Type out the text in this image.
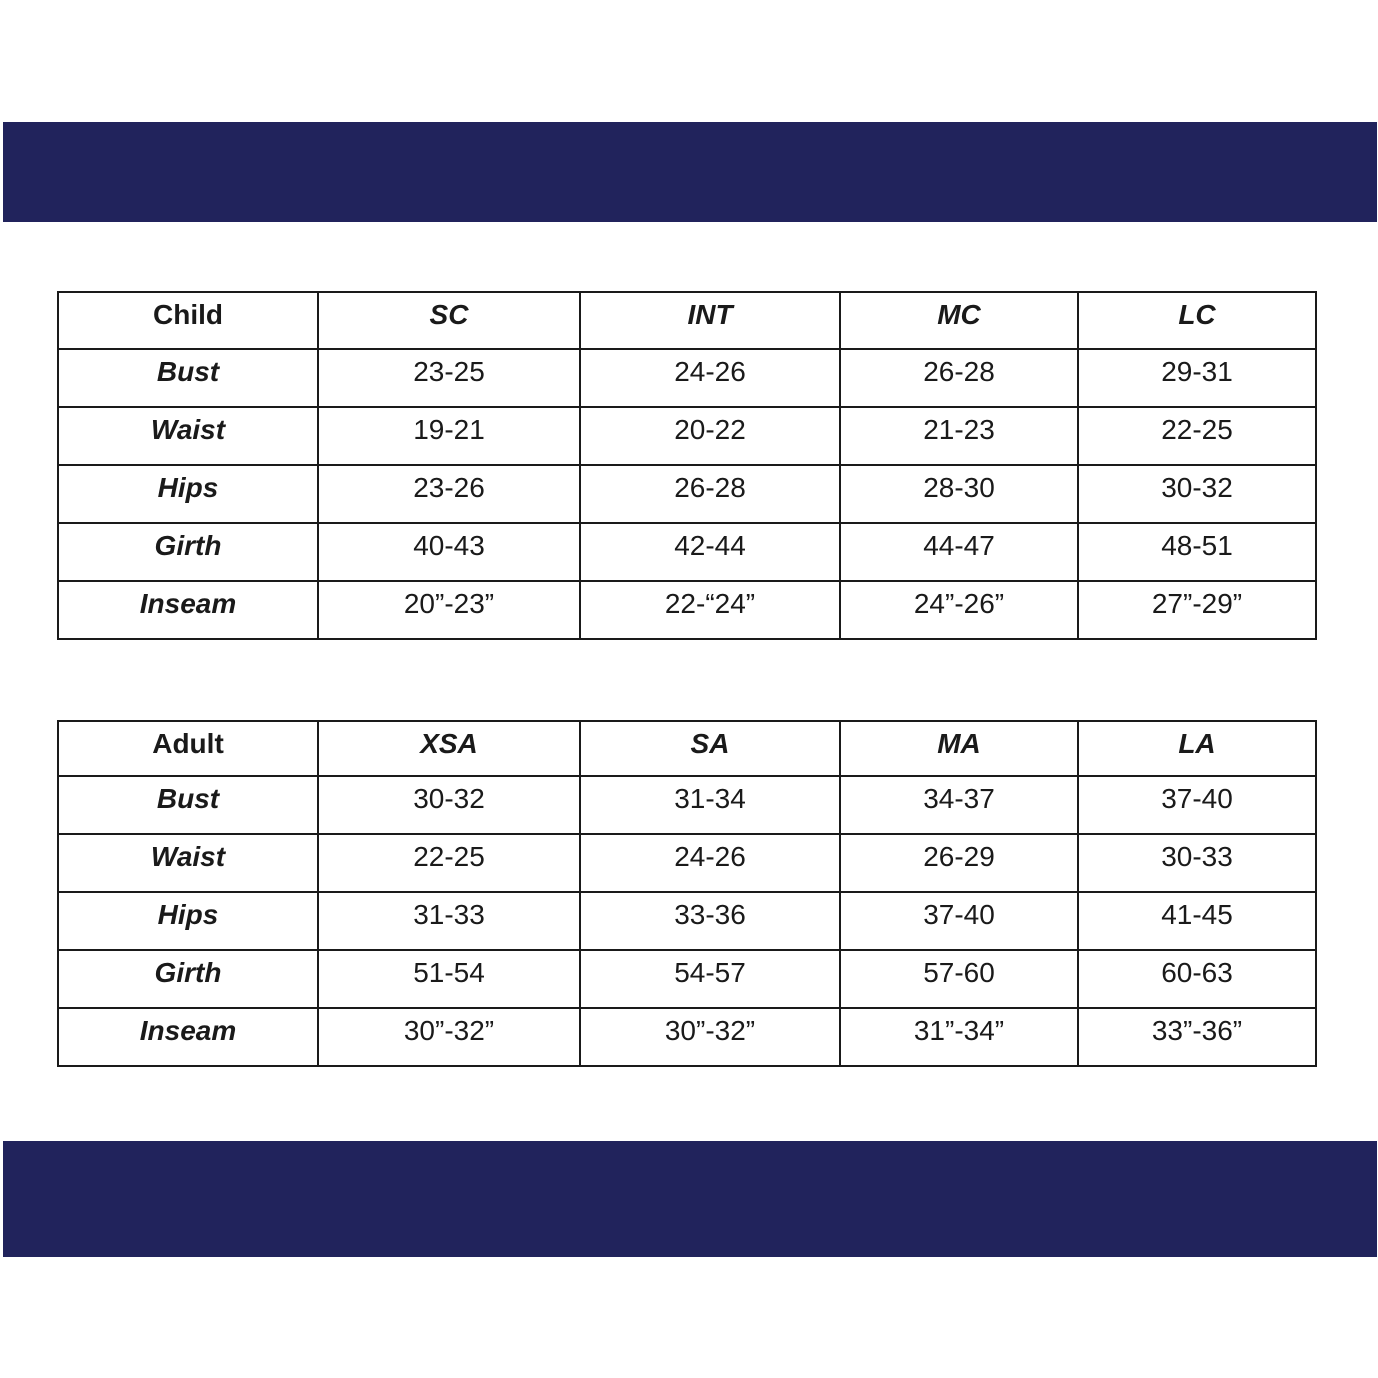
Child	SC	INT	MC	LC
Bust	23-25	24-26	26-28	29-31
Waist	19-21	20-22	21-23	22-25
Hips	23-26	26-28	28-30	30-32
Girth	40-43	42-44	44-47	48-51
Inseam	20”-23”	22-“24”	24”-26”	27”-29”
Adult	XSA	SA	MA	LA
Bust	30-32	31-34	34-37	37-40
Waist	22-25	24-26	26-29	30-33
Hips	31-33	33-36	37-40	41-45
Girth	51-54	54-57	57-60	60-63
Inseam	30”-32”	30”-32”	31”-34”	33”-36”
